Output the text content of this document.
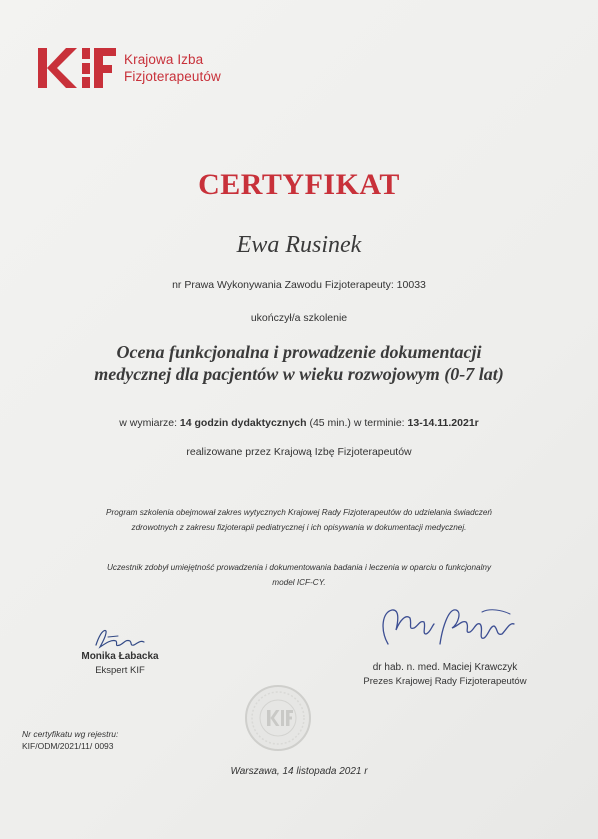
Krajowa Izba
Fizjoterapeutów
CERTYFIKAT
Ewa Rusinek
nr Prawa Wykonywania Zawodu Fizjoterapeuty: 10033
ukończył/a szkolenie
Ocena funkcjonalna i prowadzenie dokumentacji
medycznej dla pacjentów w wieku rozwojowym (0-7 lat)
w wymiarze: 14 godzin dydaktycznych (45 min.) w terminie: 13-14.11.2021r
realizowane przez Krajową Izbę Fizjoterapeutów
Program szkolenia obejmował zakres wytycznych Krajowej Rady Fizjoterapeutów do udzielania świadczeń
zdrowotnych z zakresu fizjoterapii pediatrycznej i ich opisywania w dokumentacji medycznej.
Uczestnik zdobył umiejętność prowadzenia i dokumentowania badania i leczenia w oparciu o funkcjonalny
model ICF-CY.
Monika Łabacka
Ekspert KIF	dr hab. n. med. Maciej Krawczyk
Prezes Krajowej Rady Fizjoterapeutów
Nr certyfikatu wg rejestru:
KIF/ODM/2021/11/ 0093
Warszawa, 14 listopada 2021 r
